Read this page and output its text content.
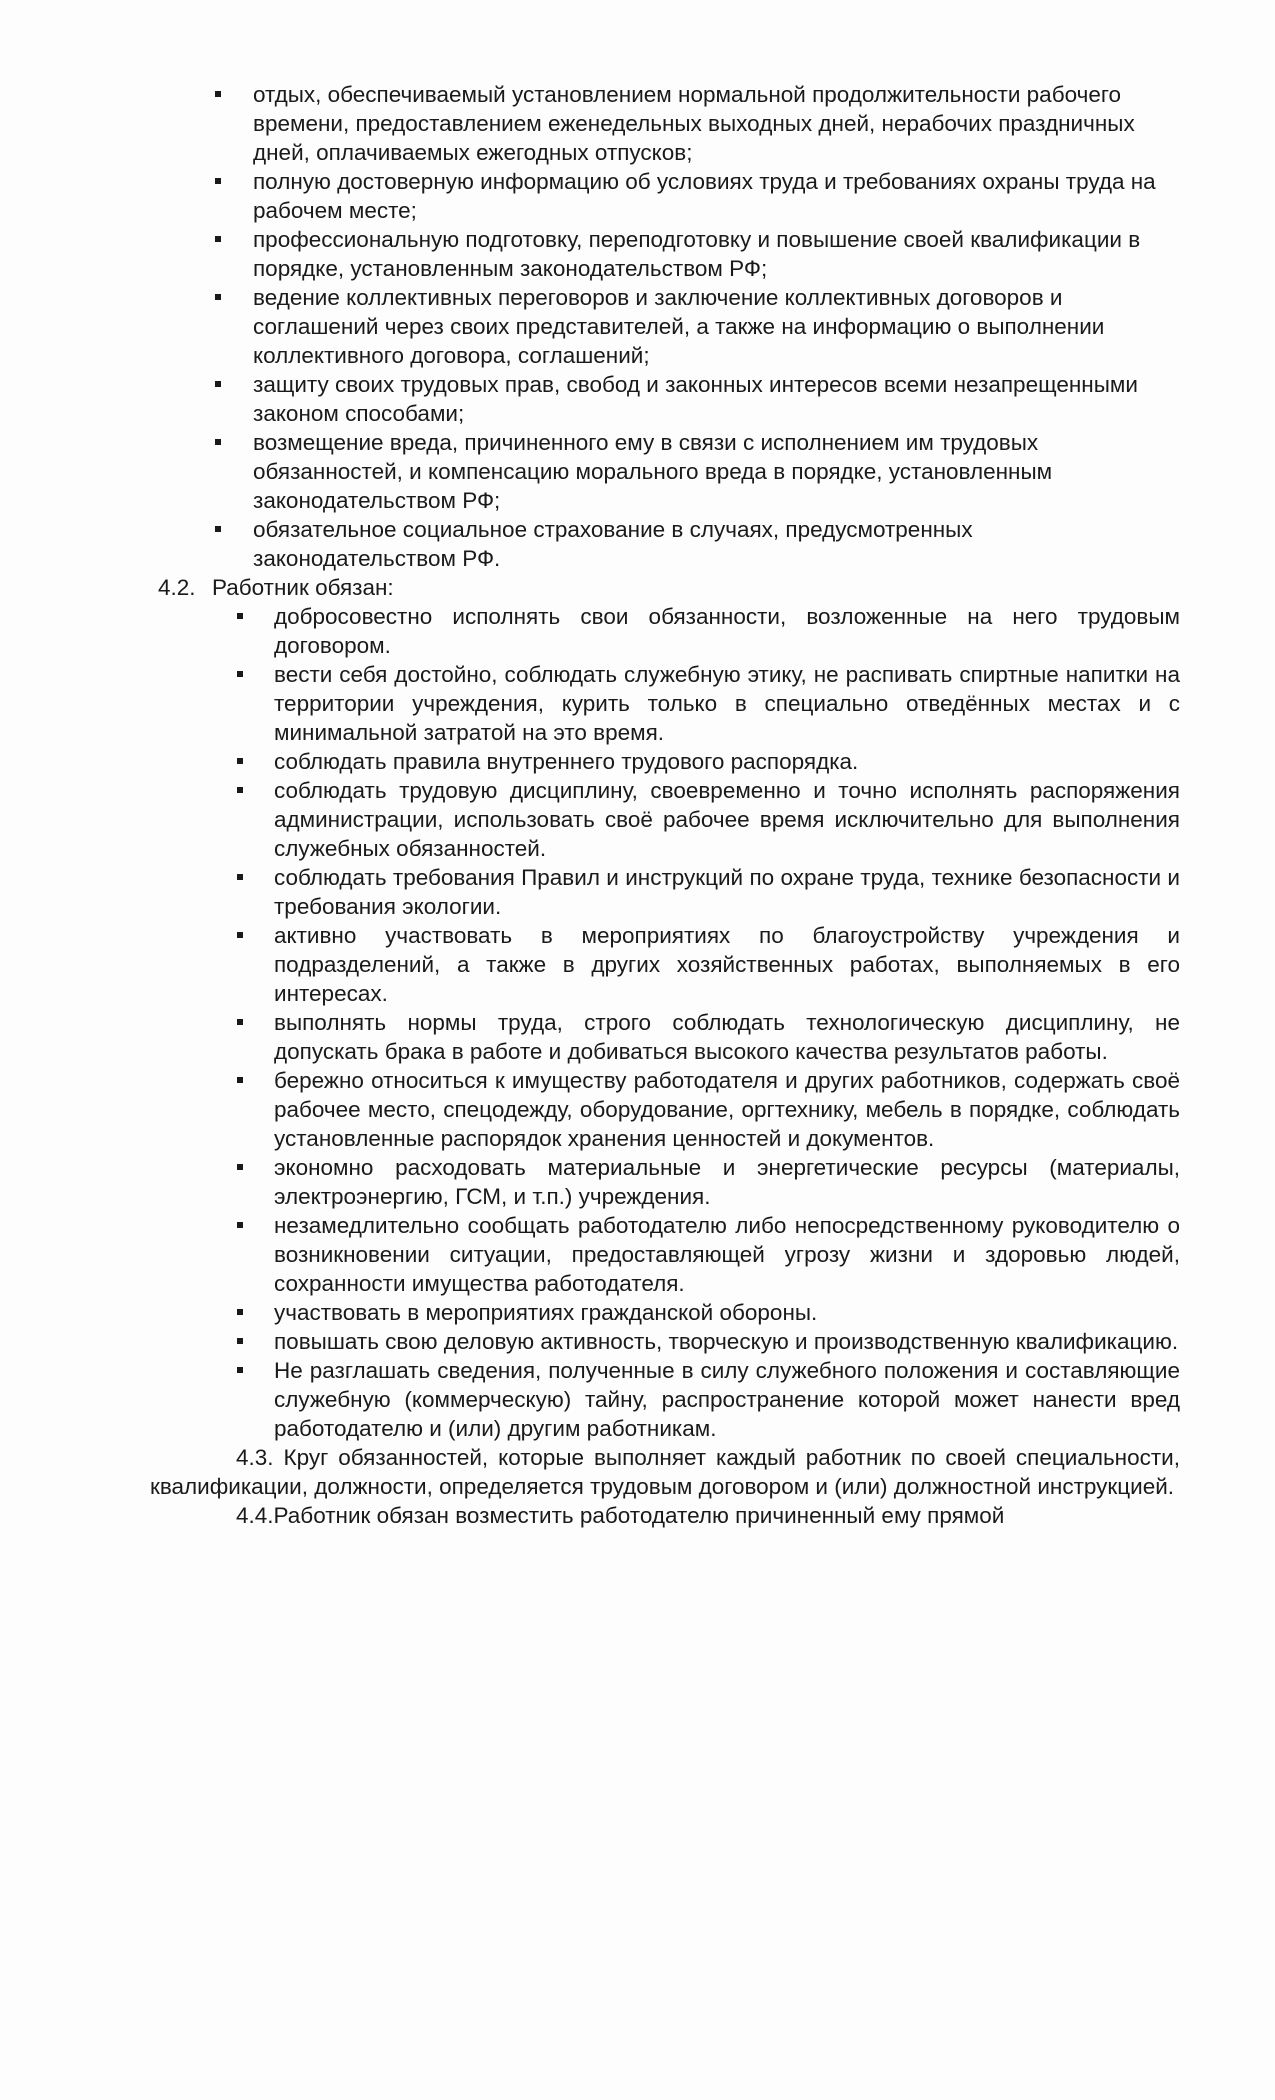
отдых, обеспечиваемый установлением нормальной продолжительности рабочего времени, предоставлением еженедельных выходных дней, нерабочих праздничных дней, оплачиваемых ежегодных отпусков;
полную достоверную информацию об условиях труда и требованиях охраны труда на рабочем месте;
профессиональную подготовку, переподготовку и повышение своей квалификации в порядке, установленным законодательством РФ;
ведение коллективных переговоров и заключение коллективных договоров и соглашений через своих представителей, а также на информацию о выполнении коллективного договора, соглашений;
защиту своих трудовых прав, свобод и законных интересов всеми незапрещенными законом способами;
возмещение вреда, причиненного ему в связи с исполнением им трудовых обязанностей, и компенсацию морального вреда в порядке, установленным законодательством РФ;
обязательное социальное страхование в случаях, предусмотренных законодательством РФ.

4.2. Работник обязан:

добросовестно исполнять свои обязанности, возложенные на него трудовым договором.
вести себя достойно, соблюдать служебную этику, не распивать спиртные напитки на территории учреждения, курить только в специально отведённых местах и с минимальной затратой на это время.
соблюдать правила внутреннего трудового распорядка.
соблюдать трудовую дисциплину, своевременно и точно исполнять распоряжения администрации, использовать своё рабочее время исключительно для выполнения служебных обязанностей.
соблюдать требования Правил и инструкций по охране труда, технике безопасности и требования экологии.
активно участвовать в мероприятиях по благоустройству учреждения и подразделений, а также в других хозяйственных работах, выполняемых в его интересах.
выполнять нормы труда, строго соблюдать технологическую дисциплину, не допускать брака в работе и добиваться высокого качества результатов работы.
бережно относиться к имуществу работодателя и других работников, содержать своё рабочее место, спецодежду, оборудование, оргтехнику, мебель в порядке, соблюдать установленные распорядок хранения ценностей и документов.
экономно расходовать материальные и энергетические ресурсы (материалы, электроэнергию, ГСМ, и т.п.) учреждения.
незамедлительно сообщать работодателю либо непосредственному руководителю о возникновении ситуации, предоставляющей угрозу жизни и здоровью людей, сохранности имущества работодателя.
участвовать в мероприятиях гражданской обороны.
повышать свою деловую активность, творческую и производственную квалификацию.
Не разглашать сведения, полученные в силу служебного положения и составляющие служебную (коммерческую) тайну, распространение которой может нанести вред работодателю и (или) другим работникам.

4.3. Круг обязанностей, которые выполняет каждый работник по своей специальности, квалификации, должности, определяется трудовым договором и (или) должностной инструкцией.

4.4.Работник обязан возместить работодателю причиненный ему прямой
